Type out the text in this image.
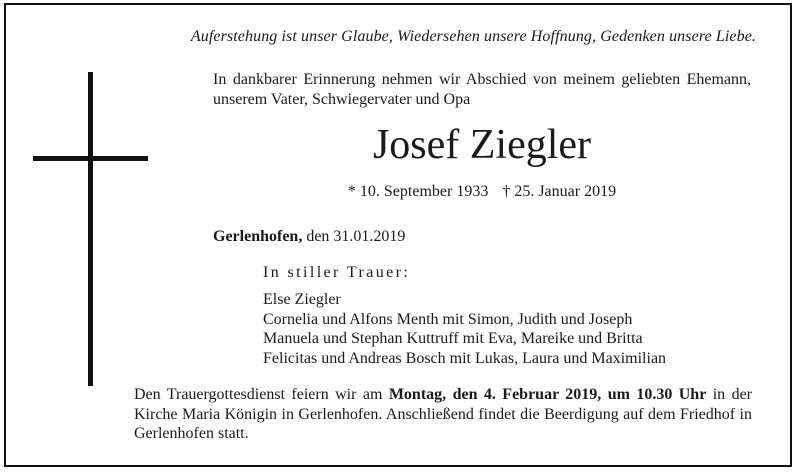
Auferstehung ist unser Glaube, Wiedersehen unsere Hoffnung, Gedenken unsere Liebe.
In dankbarer Erinnerung nehmen wir Abschied von meinem geliebten Ehemann, unserem Vater, Schwiegervater und Opa
Josef Ziegler
* 10. September 1933 † 25. Januar 2019
Gerlenhofen, den 31.01.2019
In stiller Trauer:
Else Ziegler
Cornelia und Alfons Menth mit Simon, Judith und Joseph
Manuela und Stephan Kuttruff mit Eva, Mareike und Britta
Felicitas und Andreas Bosch mit Lukas, Laura und Maximilian
Den Trauergottesdienst feiern wir am Montag, den 4. Februar 2019, um 10.30 Uhr in der Kirche Maria Königin in Gerlenhofen. Anschließend findet die Beerdigung auf dem Friedhof in Gerlenhofen statt.
